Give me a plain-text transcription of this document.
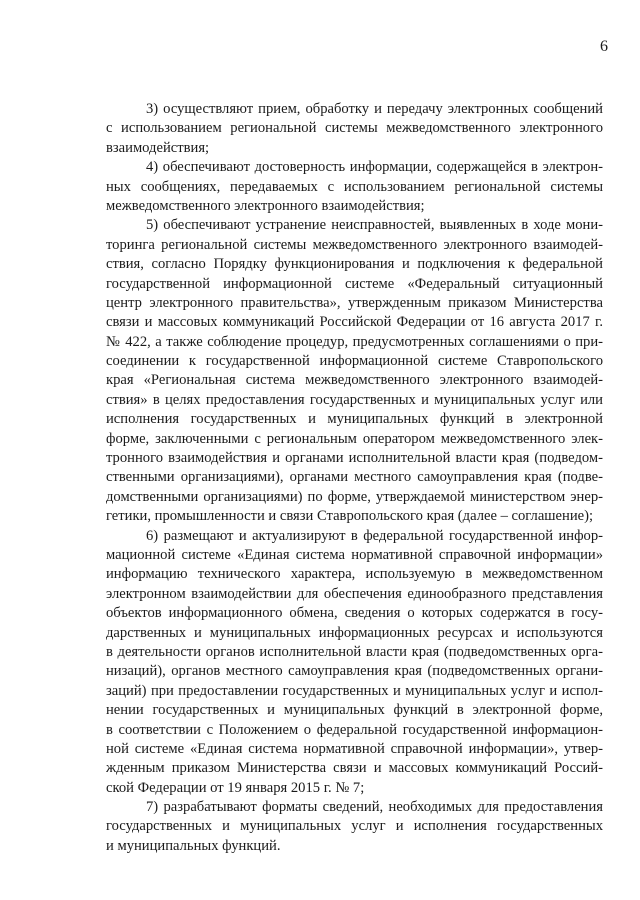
6
3) осуществляют прием, обработку и передачу электронных сообщений
с использованием региональной системы межведомственного электронного
взаимодействия;
4) обеспечивают достоверность информации, содержащейся в электрон-
ных сообщениях, передаваемых с использованием региональной системы
межведомственного электронного взаимодействия;
5) обеспечивают устранение неисправностей, выявленных в ходе мони-
торинга региональной системы межведомственного электронного взаимодей-
ствия, согласно Порядку функционирования и подключения к федеральной
государственной информационной системе «Федеральный ситуационный
центр электронного правительства», утвержденным приказом Министерства
связи и массовых коммуникаций Российской Федерации от 16 августа 2017 г.
№ 422, а также соблюдение процедур, предусмотренных соглашениями о при-
соединении к государственной информационной системе Ставропольского
края «Региональная система межведомственного электронного взаимодей-
ствия» в целях предоставления государственных и муниципальных услуг или
исполнения государственных и муниципальных функций в электронной
форме, заключенными с региональным оператором межведомственного элек-
тронного взаимодействия и органами исполнительной власти края (подведом-
ственными организациями), органами местного самоуправления края (подве-
домственными организациями) по форме, утверждаемой министерством энер-
гетики, промышленности и связи Ставропольского края (далее – соглашение);
6) размещают и актуализируют в федеральной государственной инфор-
мационной системе «Единая система нормативной справочной информации»
информацию технического характера, используемую в межведомственном
электронном взаимодействии для обеспечения единообразного представления
объектов информационного обмена, сведения о которых содержатся в госу-
дарственных и муниципальных информационных ресурсах и используются
в деятельности органов исполнительной власти края (подведомственных орга-
низаций), органов местного самоуправления края (подведомственных органи-
заций) при предоставлении государственных и муниципальных услуг и испол-
нении государственных и муниципальных функций в электронной форме,
в соответствии с Положением о федеральной государственной информацион-
ной системе «Единая система нормативной справочной информации», утвер-
жденным приказом Министерства связи и массовых коммуникаций Россий-
ской Федерации от 19 января 2015 г. № 7;
7) разрабатывают форматы сведений, необходимых для предоставления
государственных и муниципальных услуг и исполнения государственных
и муниципальных функций.
